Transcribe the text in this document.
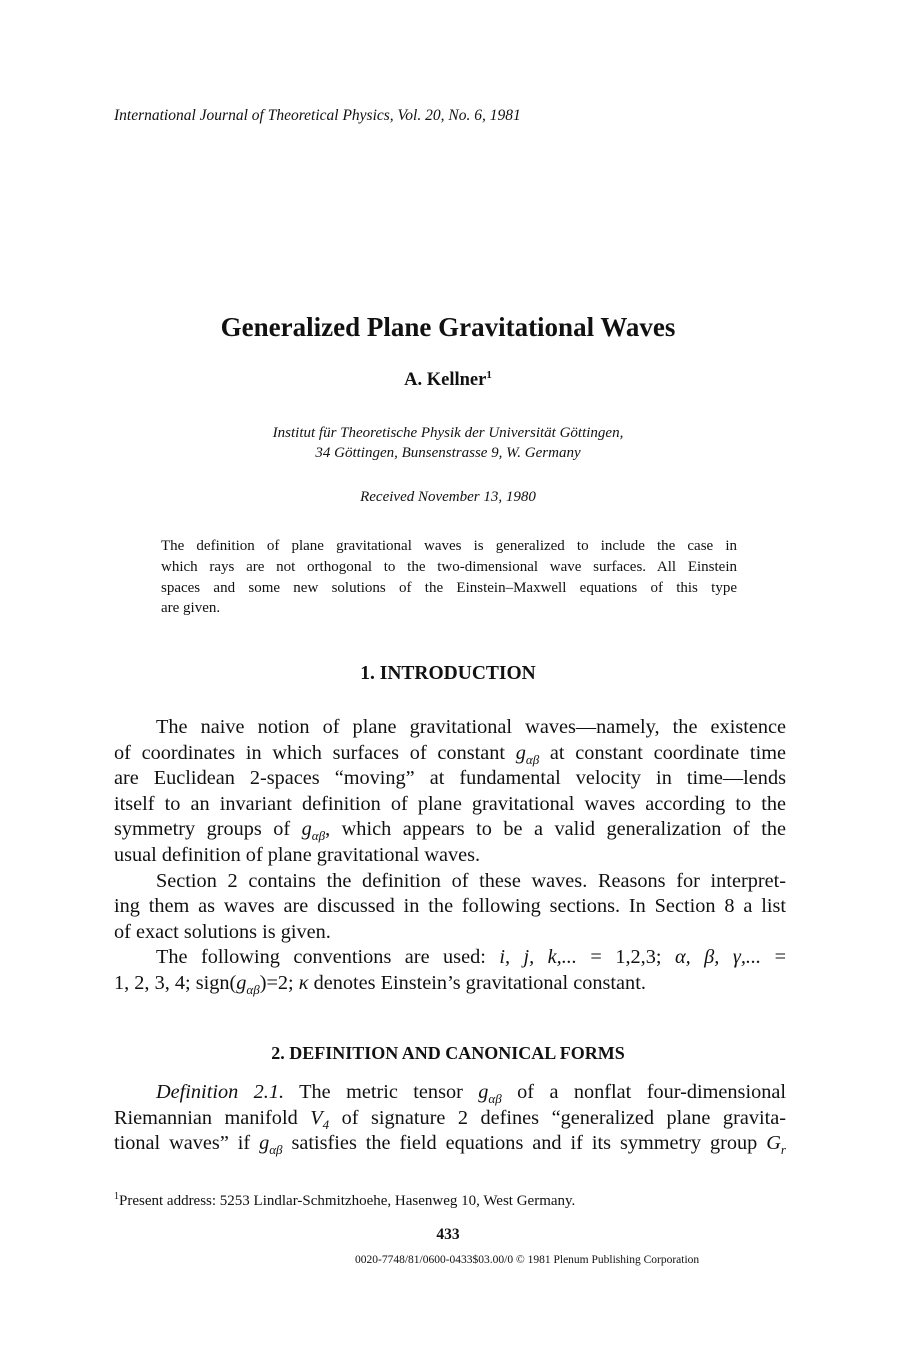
International Journal of Theoretical Physics, Vol. 20, No. 6, 1981
Generalized Plane Gravitational Waves
A. Kellner$^1$
Institut für Theoretische Physik der Universität Göttingen,
34 Göttingen, Bunsenstrasse 9, W. Germany
Received November 13, 1980
The definition of plane gravitational waves is generalized to include the case in
which rays are not orthogonal to the two-dimensional wave surfaces. All Einstein
spaces and some new solutions of the Einstein–Maxwell equations of this type
are given.
1. INTRODUCTION
The naive notion of plane gravitational waves—namely, the existence
of coordinates in which surfaces of constant $g_{\alpha\beta}$ at constant coordinate time
are Euclidean 2-spaces “moving” at fundamental velocity in time—lends
itself to an invariant definition of plane gravitational waves according to the
symmetry groups of $g_{\alpha\beta}$, which appears to be a valid generalization of the
usual definition of plane gravitational waves.
Section 2 contains the definition of these waves. Reasons for interpret-
ing them as waves are discussed in the following sections. In Section 8 a list
of exact solutions is given.
The following conventions are used: i, j, k,... = 1,2,3; α, β, γ,... =
1, 2, 3, 4; $sign(g_{\alpha\beta})=2$; κ denotes Einstein’s gravitational constant.
2. DEFINITION AND CANONICAL FORMS
Definition 2.1. The metric tensor $g_{\alpha\beta}$ of a nonflat four-dimensional
Riemannian manifold $V_4$ of signature 2 defines “generalized plane gravita-
tional waves” if $g_{\alpha\beta}$ satisfies the field equations and if its symmetry group $G_r$
$^1$Present address: 5253 Lindlar-Schmitzhoehe, Hasenweg 10, West Germany.
433
0020-7748/81/0600-0433$03.00/0 © 1981 Plenum Publishing Corporation
